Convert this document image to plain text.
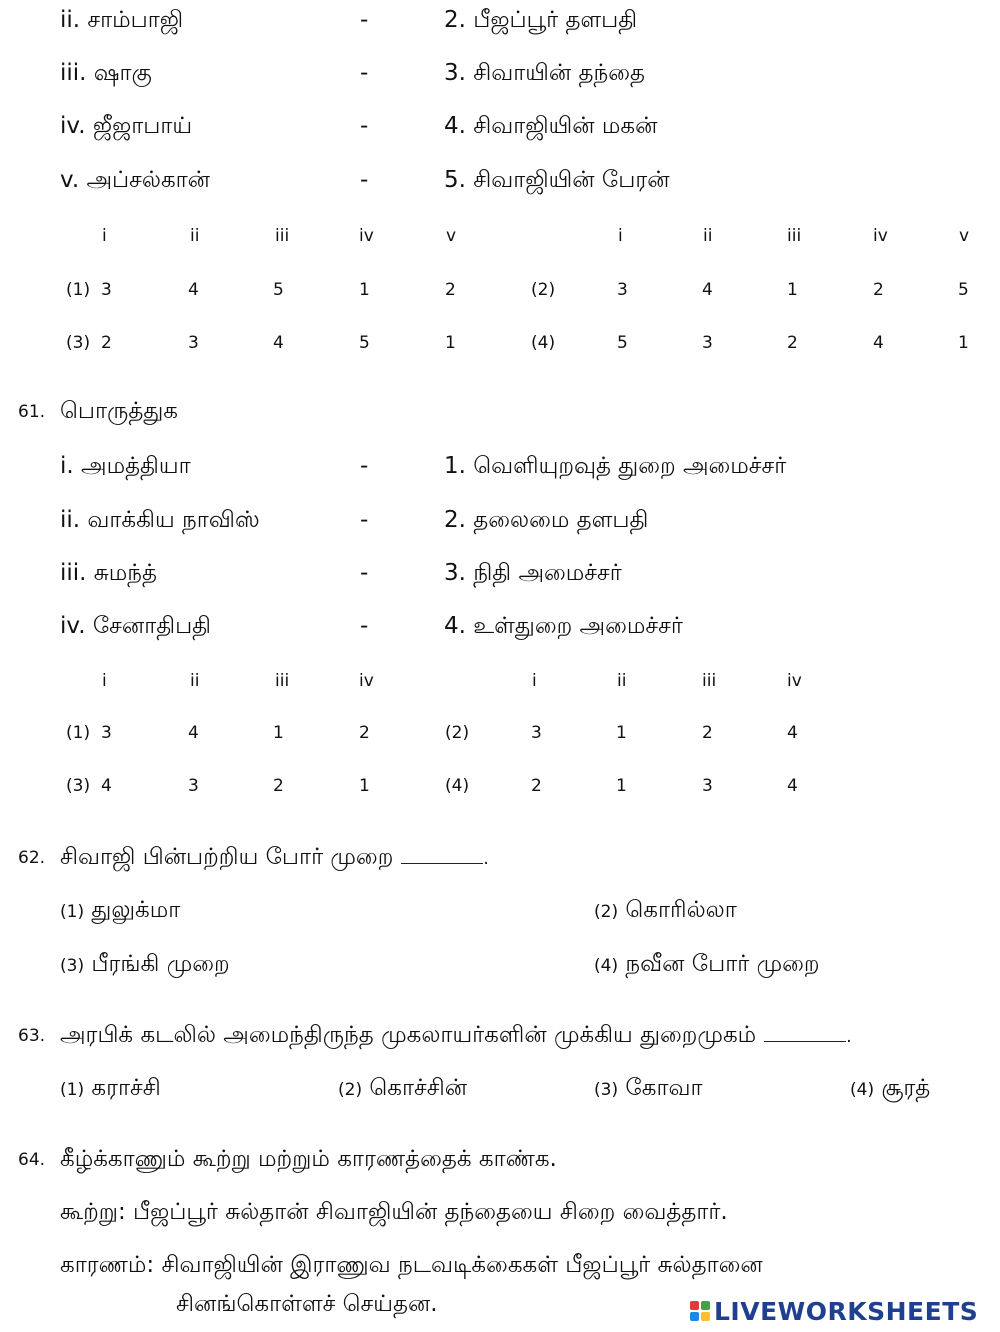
ii. சாம்பாஜி	-	2. பீஜப்பூர் தளபதி
iii. ஷாகு	-	3. சிவாயின் தந்தை
iv. ஜீஜாபாய்	-	4. சிவாஜியின் மகன்
v. அப்சல்கான்	-	5. சிவாஜியின் பேரன்
i	ii	iii	iv	v	i	ii	iii	iv	v
(1) 3	4	5	1	2	(2)	3	4	1	2	5
(3) 2	3	4	5	1	(4)	5	3	2	4	1
61. பொருத்துக
i. அமத்தியா	-	1. வெளியுறவுத் துறை அமைச்சர்
ii. வாக்கிய நாவிஸ்	-	2. தலைமை தளபதி
iii. சுமந்த்	-	3. நிதி அமைச்சர்
iv. சேனாதிபதி	-	4. உள்துறை அமைச்சர்
i	ii	iii	iv	i	ii	iii	iv
(1) 3	4	1	2	(2)	3	1	2	4
(3) 4	3	2	1	(4)	2	1	3	4
62. சிவாஜி பின்பற்றிய போர் முறை	.
(1) துலுக்மா	(2) கொரில்லா
(3) பீரங்கி முறை	(4) நவீன போர் முறை
63. அரபிக் கடலில் அமைந்திருந்த முகலாயர்களின் முக்கிய துறைமுகம்	.
(1) கராச்சி	(2) கொச்சின்	(3) கோவா	(4) சூரத்
64. கீழ்க்காணும் கூற்று மற்றும் காரணத்தைக் காண்க.
கூற்று: பீஜப்பூர் சுல்தான் சிவாஜியின் தந்தையை சிறை வைத்தார்.
காரணம்: சிவாஜியின் இராணுவ நடவடிக்கைகள் பீஜப்பூர் சுல்தானை
சினங்கொள்ளச் செய்தன.	LIVEWORKSHEETS
